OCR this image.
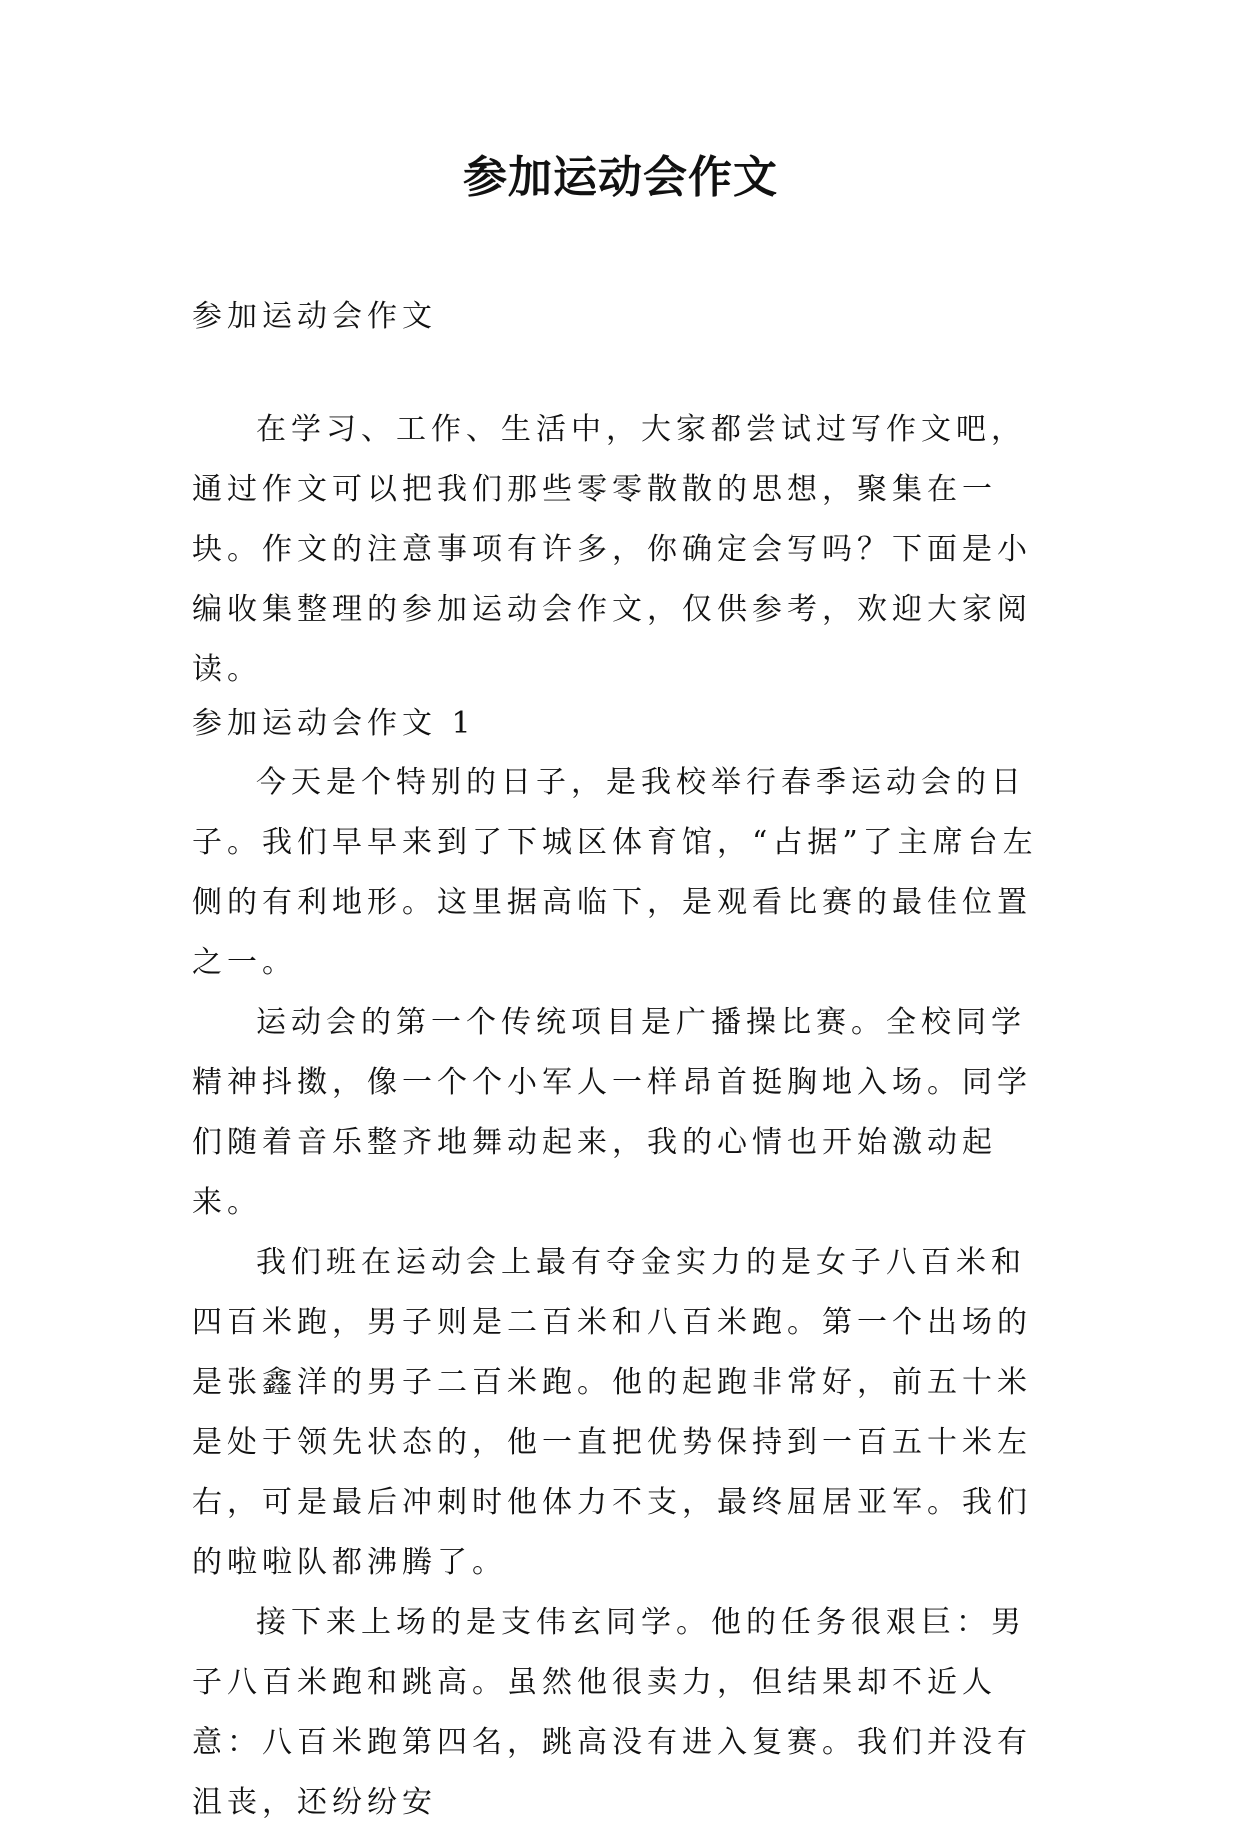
参加运动会作文

参加运动会作文

在学习、工作、生活中，大家都尝试过写作文吧，通过作文可以把我们那些零零散散的思想，聚集在一块。作文的注意事项有许多，你确定会写吗？下面是小编收集整理的参加运动会作文，仅供参考，欢迎大家阅读。

参加运动会作文 1

今天是个特别的日子，是我校举行春季运动会的日子。我们早早来到了下城区体育馆，“占据”了主席台左侧的有利地形。这里据高临下，是观看比赛的最佳位置之一。

运动会的第一个传统项目是广播操比赛。全校同学精神抖擞，像一个个小军人一样昂首挺胸地入场。同学们随着音乐整齐地舞动起来，我的心情也开始激动起来。

我们班在运动会上最有夺金实力的是女子八百米和四百米跑，男子则是二百米和八百米跑。第一个出场的是张鑫洋的男子二百米跑。他的起跑非常好，前五十米是处于领先状态的，他一直把优势保持到一百五十米左右，可是最后冲刺时他体力不支，最终屈居亚军。我们的啦啦队都沸腾了。

接下来上场的是支伟玄同学。他的任务很艰巨：男子八百米跑和跳高。虽然他很卖力，但结果却不近人意：八百米跑第四名，跳高没有进入复赛。我们并没有沮丧，还纷纷安
